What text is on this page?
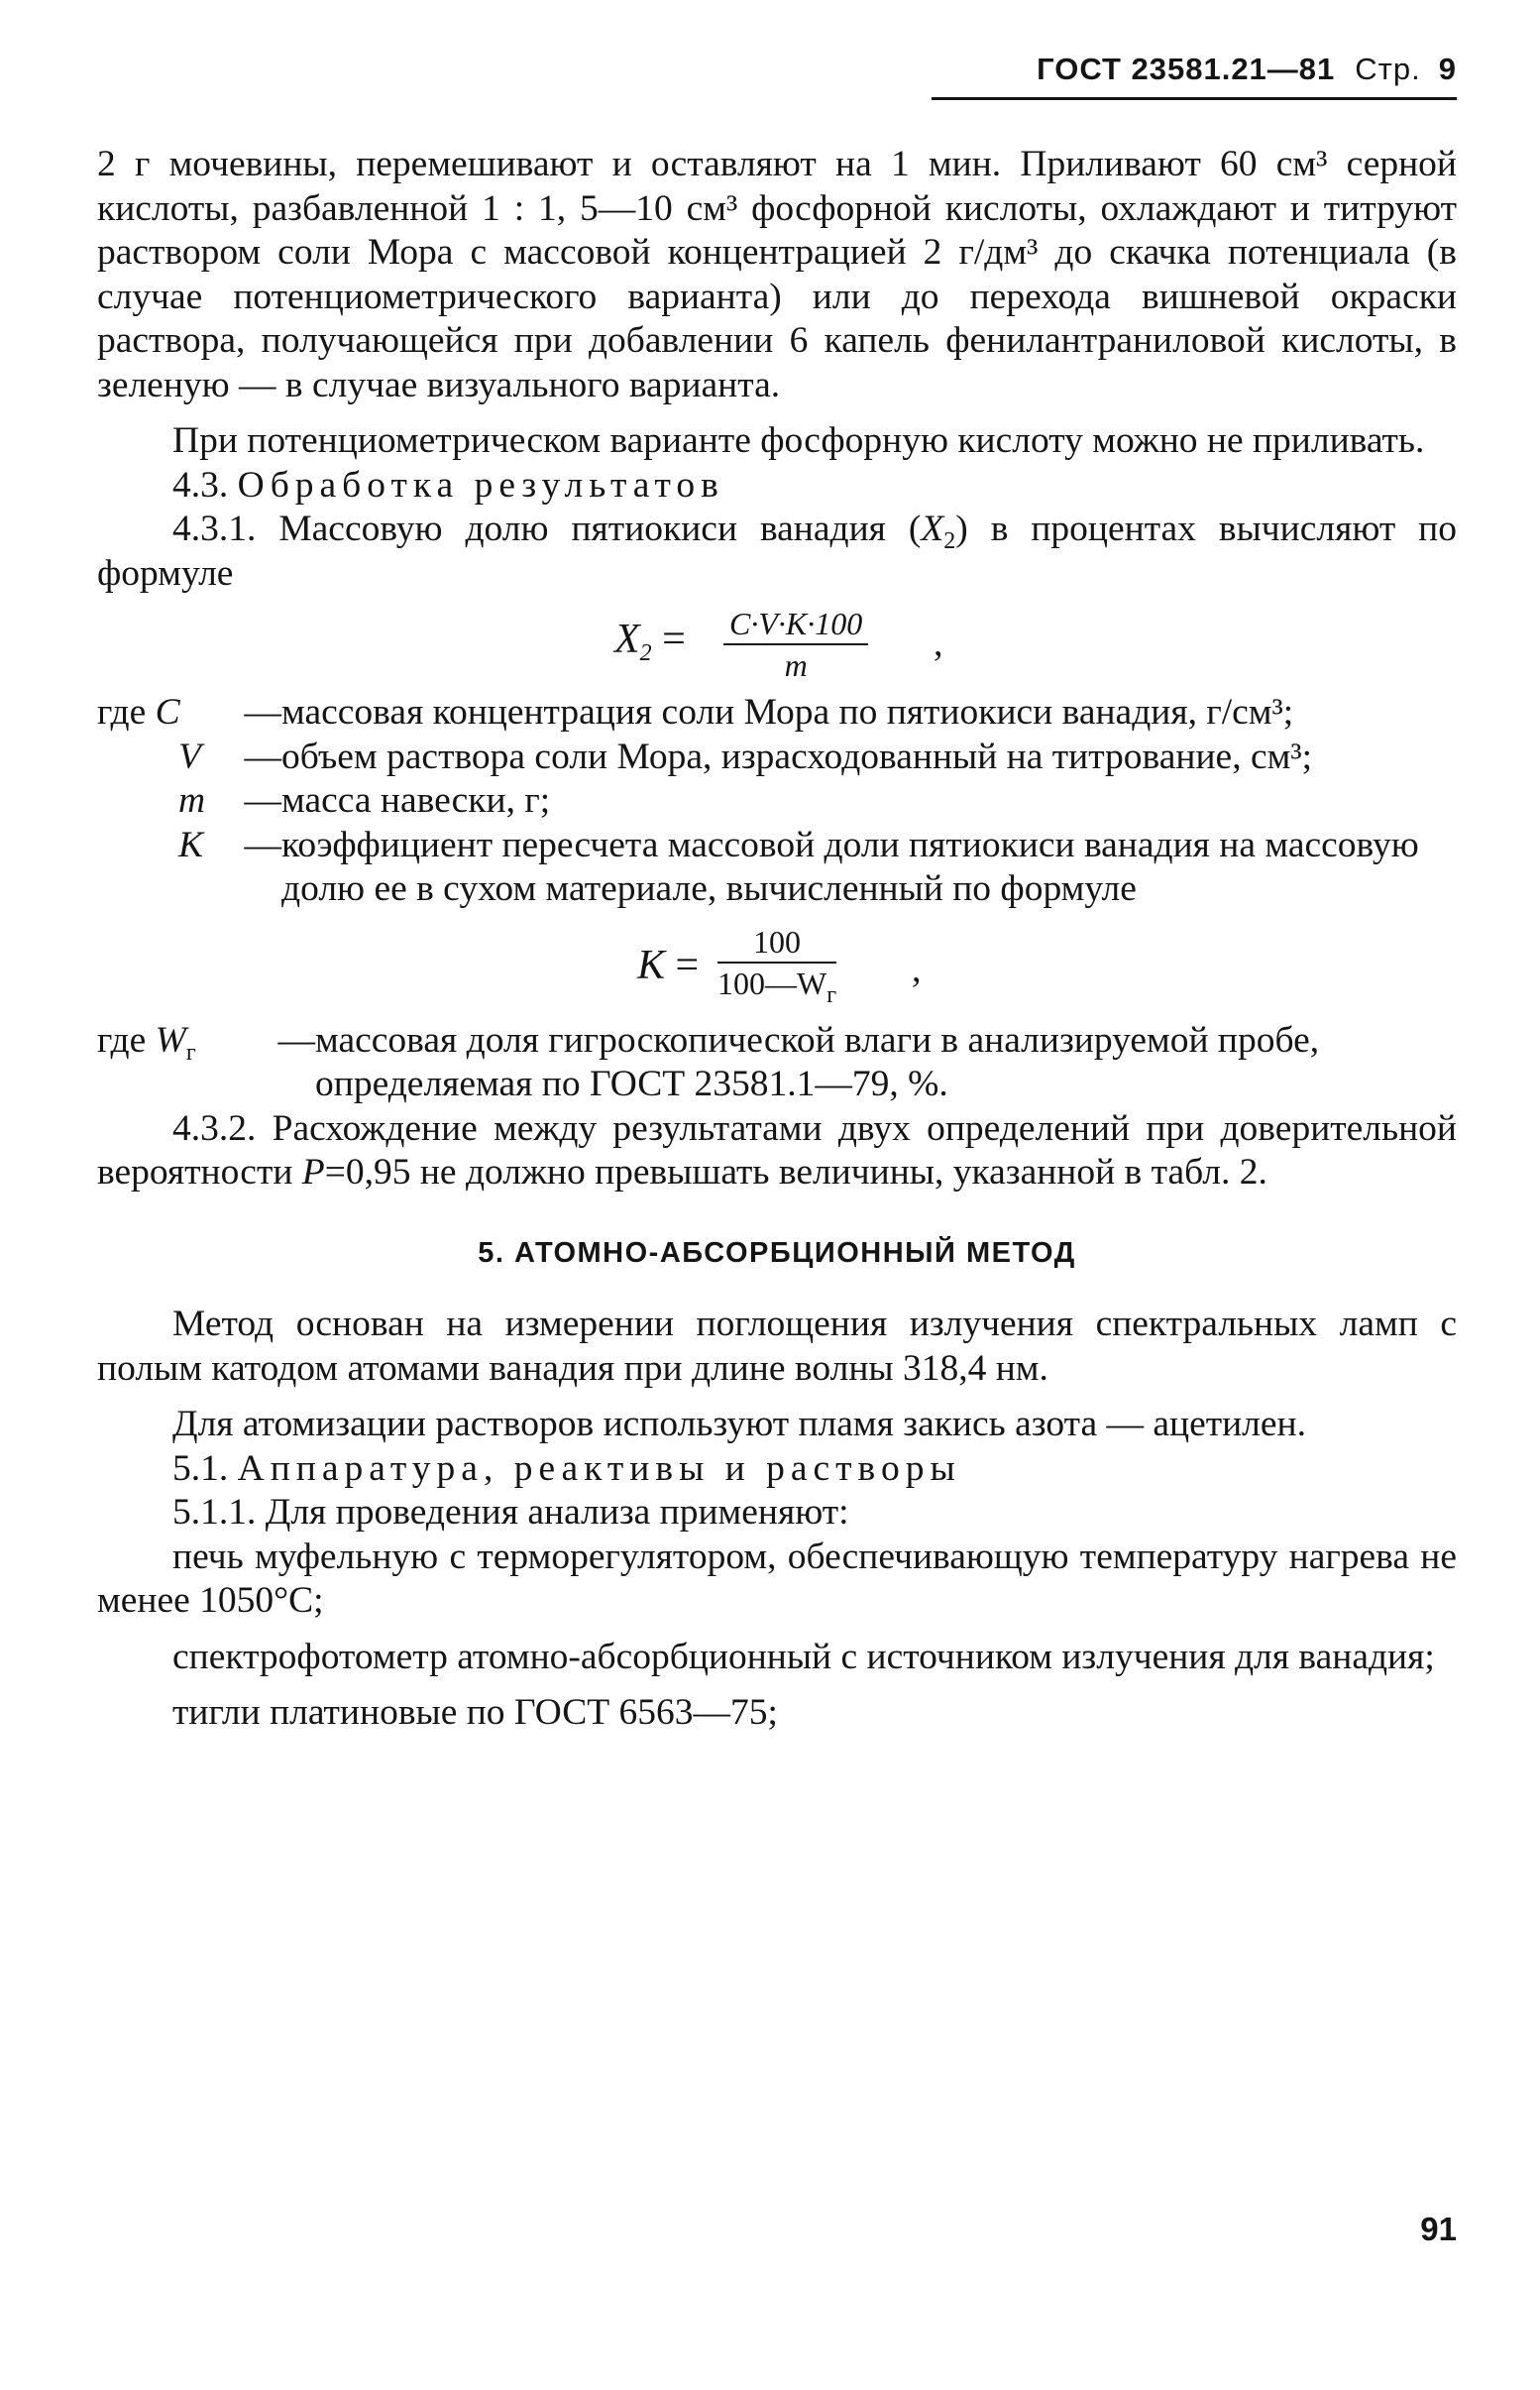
ГОСТ 23581.21—81 Стр. 9

2 г мочевины, перемешивают и оставляют на 1 мин. Приливают 60 см³ серной кислоты, разбавленной 1 : 1, 5—10 см³ фосфорной кислоты, охлаждают и титруют раствором соли Мора с массовой концентрацией 2 г/дм³ до скачка потенциала (в случае потенциометрического варианта) или до перехода вишневой окраски раствора, получающейся при добавлении 6 капель фенилантраниловой кислоты, в зеленую — в случае визуального варианта.

При потенциометрическом варианте фосфорную кислоту можно не приливать.

4.3. Обработка результатов

4.3.1. Массовую долю пятиокиси ванадия $(X_2)$ в процентах вычисляют по формуле

$X_2 = \frac{C\cdot V\cdot K\cdot 100}{m}$ ,
где C — массовая концентрация соли Мора по пятиокиси ванадия, г/см³;
V — объем раствора соли Мора, израсходованный на титрование, см³;
m — масса навески, г;
K — коэффициент пересчета массовой доли пятиокиси ванадия на массовую долю ее в сухом материале, вычисленный по формуле
K =
100
$100—W_г$
,
где $W_г$ — массовая доля гигроскопической влаги в анализируемой пробе, определяемая по ГОСТ 23581.1—79, %.

4.3.2. Расхождение между результатами двух определений при доверительной вероятности P=0,95 не должно превышать величины, указанной в табл. 2.

5. АТОМНО-АБСОРБЦИОННЫЙ МЕТОД

Метод основан на измерении поглощения излучения спектральных ламп с полым катодом атомами ванадия при длине волны 318,4 нм.

Для атомизации растворов используют пламя закись азота — ацетилен.

5.1. Аппаратура, реактивы и растворы

5.1.1. Для проведения анализа применяют:

печь муфельную с терморегулятором, обеспечивающую температуру нагрева не менее 1050°С;

спектрофотометр атомно-абсорбционный с источником излучения для ванадия;

тигли платиновые по ГОСТ 6563—75;

91
